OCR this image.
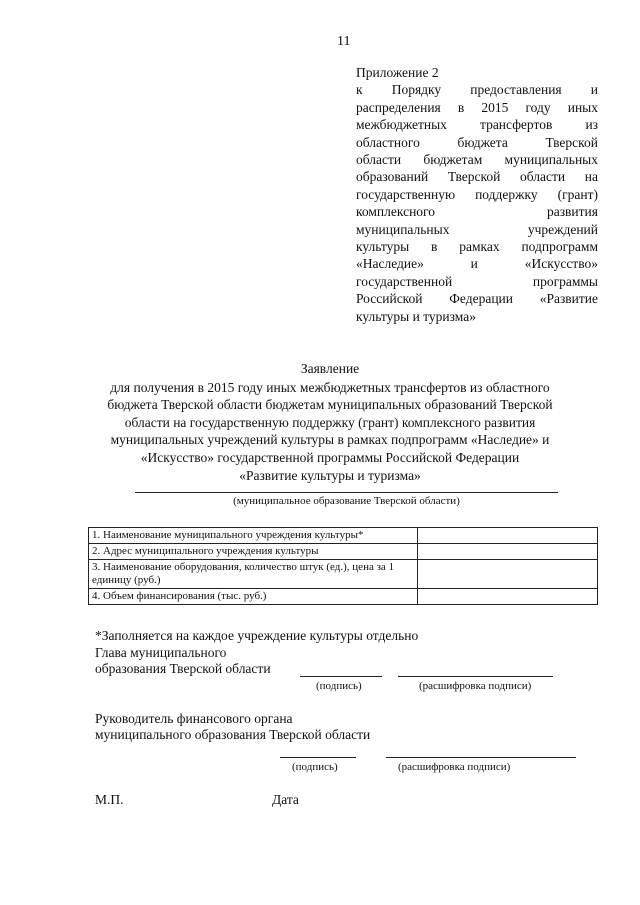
11
Приложение 2
к Порядку предоставления и
распределения в 2015 году иных
межбюджетных трансфертов из
областного бюджета Тверской
области бюджетам муниципальных
образований Тверской области на
государственную поддержку (грант)
комплексного развития
муниципальных учреждений
культуры в рамках подпрограмм
«Наследие» и «Искусство»
государственной программы
Российской Федерации «Развитие
культуры и туризма»
Заявление
для получения в 2015 году иных межбюджетных трансфертов из областного
бюджета Тверской области бюджетам муниципальных образований Тверской
области на государственную поддержку (грант) комплексного развития
муниципальных учреждений культуры в рамках подпрограмм «Наследие» и
«Искусство» государственной программы Российской Федерации
«Развитие культуры и туризма»
(муниципальное образование Тверской области)
1. Наименование муниципального учреждения культуры*	
2. Адрес муниципального учреждения культуры	
3. Наименование оборудования, количество штук (ед.), цена за 1 единицу (руб.)	
4. Объем финансирования (тыс. руб.)	
*Заполняется на каждое учреждение культуры отдельно
Глава муниципального
образования Тверской области
(подпись)	(расшифровка подписи)
Руководитель финансового органа
муниципального образования Тверской области
(подпись)	(расшифровка подписи)
М.П.	Дата
